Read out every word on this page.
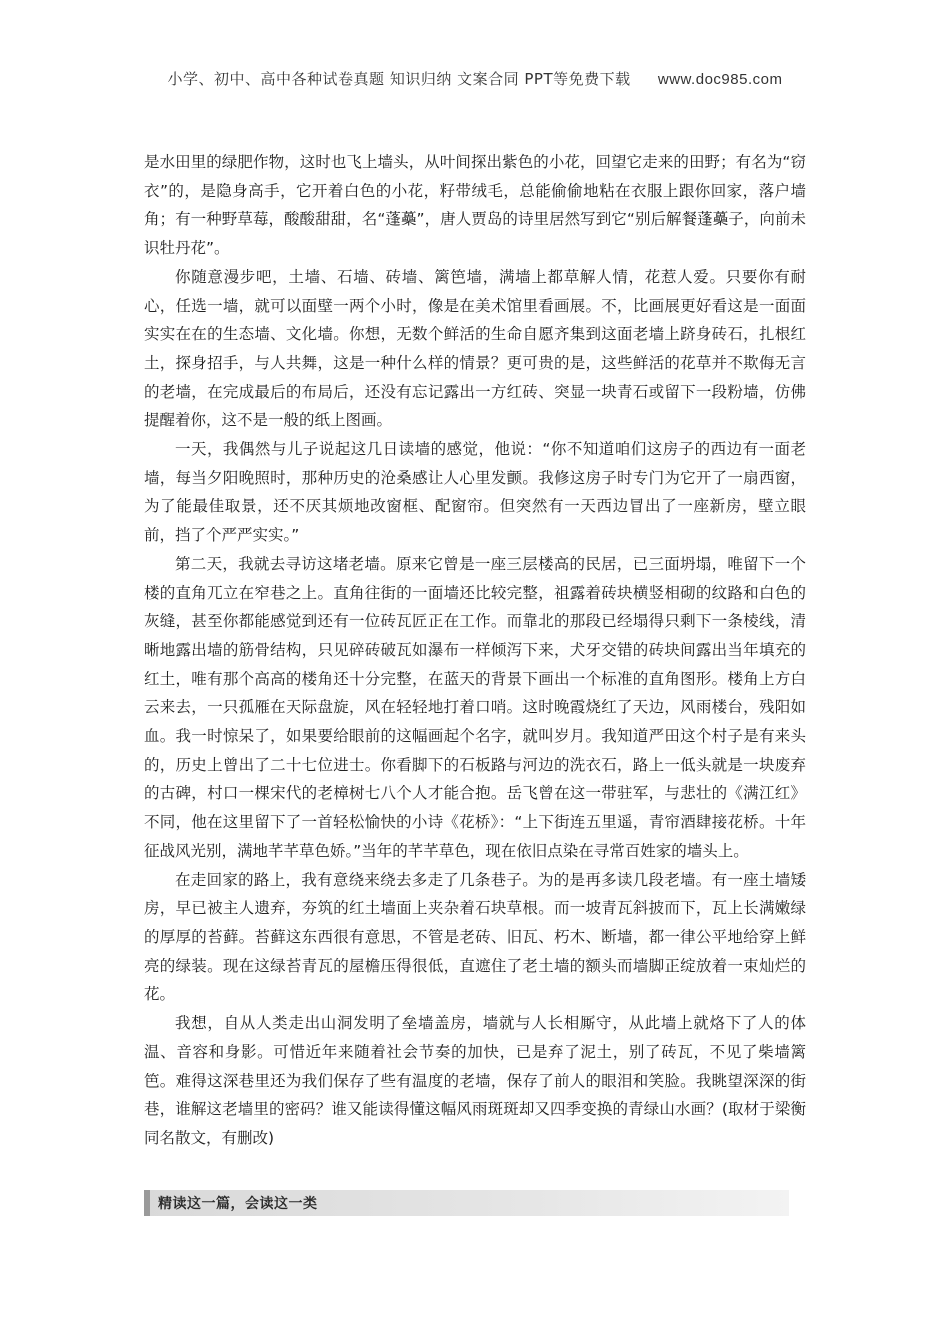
小学、初中、高中各种试卷真题 知识归纳 文案合同 PPT等免费下载 www.doc985.com

是水田里的绿肥作物，这时也飞上墙头，从叶间探出紫色的小花，回望它走来的田野；有名为“窃衣”的，是隐身高手，它开着白色的小花，籽带绒毛，总能偷偷地粘在衣服上跟你回家，落户墙角；有一种野草莓，酸酸甜甜，名“蓬蘽”，唐人贾岛的诗里居然写到它“别后解餐蓬蘽子，向前未识牡丹花”。

你随意漫步吧，土墙、石墙、砖墙、篱笆墙，满墙上都草解人情，花惹人爱。只要你有耐心，任选一墙，就可以面壁一两个小时，像是在美术馆里看画展。不，比画展更好看这是一面面实实在在的生态墙、文化墙。你想，无数个鲜活的生命自愿齐集到这面老墙上跻身砖石，扎根红土，探身招手，与人共舞，这是一种什么样的情景？更可贵的是，这些鲜活的花草并不欺侮无言的老墙，在完成最后的布局后，还没有忘记露出一方红砖、突显一块青石或留下一段粉墙，仿佛提醒着你，这不是一般的纸上图画。

一天，我偶然与儿子说起这几日读墙的感觉，他说：“你不知道咱们这房子的西边有一面老墙，每当夕阳晚照时，那种历史的沧桑感让人心里发颤。我修这房子时专门为它开了一扇西窗，为了能最佳取景，还不厌其烦地改窗框、配窗帘。但突然有一天西边冒出了一座新房，壁立眼前，挡了个严严实实。”

第二天，我就去寻访这堵老墙。原来它曾是一座三层楼高的民居，已三面坍塌，唯留下一个楼的直角兀立在窄巷之上。直角往街的一面墙还比较完整，祖露着砖块横竖相砌的纹路和白色的灰缝，甚至你都能感觉到还有一位砖瓦匠正在工作。而靠北的那段已经塌得只剩下一条棱线，清晰地露出墙的筋骨结构，只见碎砖破瓦如瀑布一样倾泻下来，犬牙交错的砖块间露出当年填充的红土，唯有那个高高的楼角还十分完整，在蓝天的背景下画出一个标准的直角图形。楼角上方白云来去，一只孤雁在天际盘旋，风在轻轻地打着口哨。这时晚霞烧红了天边，风雨楼台，残阳如血。我一时惊呆了，如果要给眼前的这幅画起个名字，就叫岁月。我知道严田这个村子是有来头的，历史上曾出了二十七位进士。你看脚下的石板路与河边的洗衣石，路上一低头就是一块废弃的古碑，村口一棵宋代的老樟树七八个人才能合抱。岳飞曾在这一带驻军，与悲壮的《满江红》不同，他在这里留下了一首轻松愉快的小诗《花桥》：“上下街连五里遥，青帘酒肆接花桥。十年征战风光别，满地芊芊草色娇。”当年的芊芊草色，现在依旧点染在寻常百姓家的墙头上。

在走回家的路上，我有意绕来绕去多走了几条巷子。为的是再多读几段老墙。有一座土墙矮房，早已被主人遗弃，夯筑的红土墙面上夹杂着石块草根。而一坡青瓦斜披而下，瓦上长满嫩绿的厚厚的苔藓。苔藓这东西很有意思，不管是老砖、旧瓦、朽木、断墙，都一律公平地给穿上鲜亮的绿装。现在这绿苔青瓦的屋檐压得很低，直遮住了老土墙的额头而墙脚正绽放着一束灿烂的花。

我想，自从人类走出山洞发明了垒墙盖房，墙就与人长相厮守，从此墙上就烙下了人的体温、音容和身影。可惜近年来随着社会节奏的加快，已是弃了泥土，别了砖瓦，不见了柴墙篱笆。难得这深巷里还为我们保存了些有温度的老墙，保存了前人的眼泪和笑脸。我眺望深深的街巷，谁解这老墙里的密码？谁又能读得懂这幅风雨斑斑却又四季变换的青绿山水画？(取材于梁衡同名散文，有删改)

精读这一篇，会读这一类
